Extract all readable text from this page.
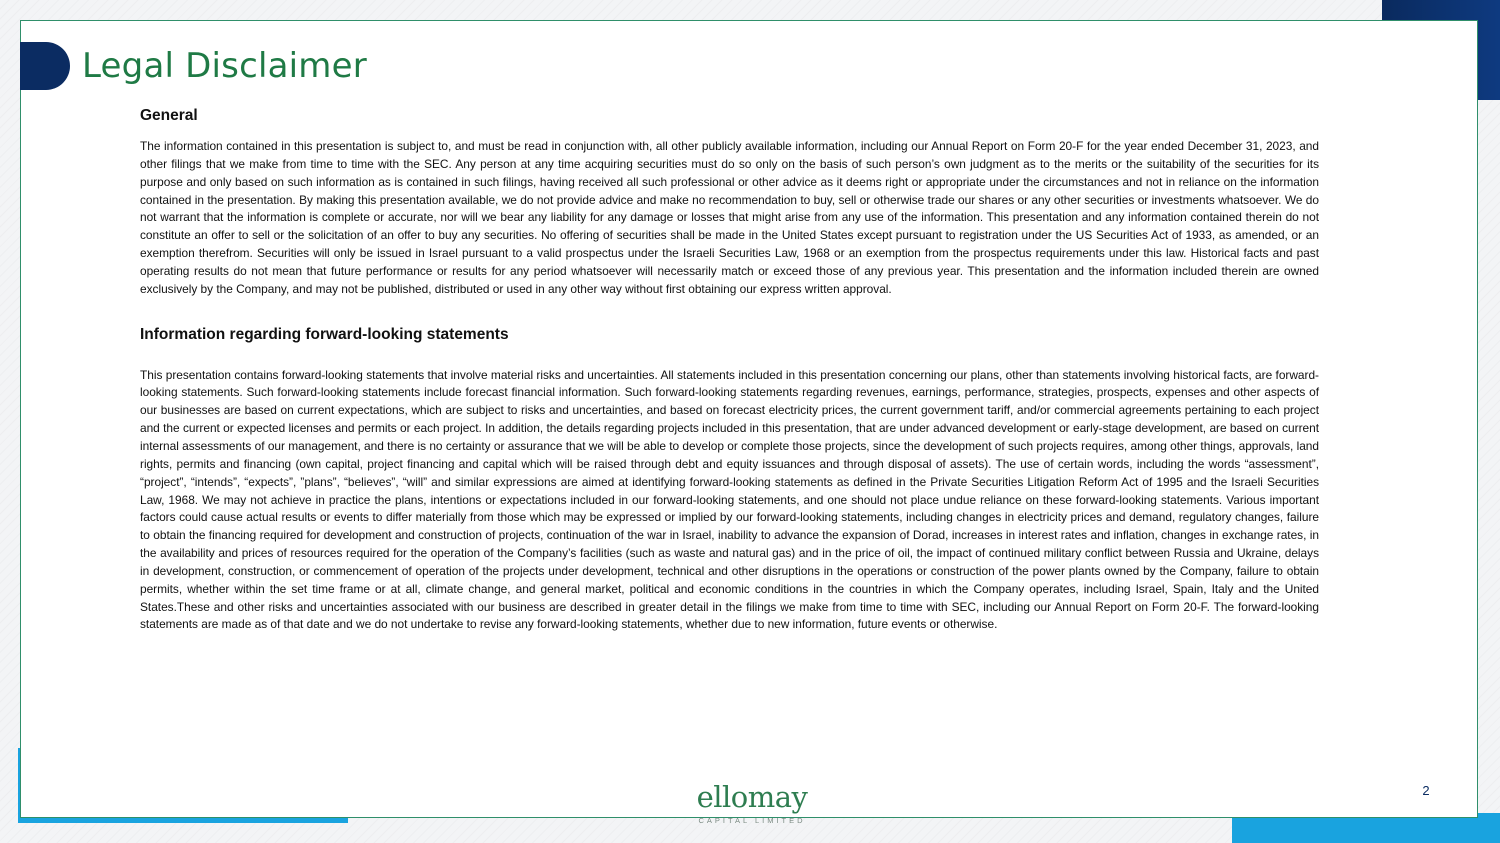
Legal Disclaimer
General

The information contained in this presentation is subject to, and must be read in conjunction with, all other publicly available information, including our Annual Report on Form 20-F for the year ended December 31, 2023, and other filings that we make from time to time with the SEC. Any person at any time acquiring securities must do so only on the basis of such person’s own judgment as to the merits or the suitability of the securities for its purpose and only based on such information as is contained in such filings, having received all such professional or other advice as it deems right or appropriate under the circumstances and not in reliance on the information contained in the presentation. By making this presentation available, we do not provide advice and make no recommendation to buy, sell or otherwise trade our shares or any other securities or investments whatsoever. We do not warrant that the information is complete or accurate, nor will we bear any liability for any damage or losses that might arise from any use of the information. This presentation and any information contained therein do not constitute an offer to sell or the solicitation of an offer to buy any securities. No offering of securities shall be made in the United States except pursuant to registration under the US Securities Act of 1933, as amended, or an exemption therefrom. Securities will only be issued in Israel pursuant to a valid prospectus under the Israeli Securities Law, 1968 or an exemption from the prospectus requirements under this law. Historical facts and past operating results do not mean that future performance or results for any period whatsoever will necessarily match or exceed those of any previous year. This presentation and the information included therein are owned exclusively by the Company, and may not be published, distributed or used in any other way without first obtaining our express written approval.

Information regarding forward-looking statements

This presentation contains forward-looking statements that involve material risks and uncertainties. All statements included in this presentation concerning our plans, other than statements involving historical facts, are forward-looking statements. Such forward-looking statements include forecast financial information. Such forward-looking statements regarding revenues, earnings, performance, strategies, prospects, expenses and other aspects of our businesses are based on current expectations, which are subject to risks and uncertainties, and based on forecast electricity prices, the current government tariff, and/or commercial agreements pertaining to each project and the current or expected licenses and permits or each project. In addition, the details regarding projects included in this presentation, that are under advanced development or early-stage development, are based on current internal assessments of our management, and there is no certainty or assurance that we will be able to develop or complete those projects, since the development of such projects requires, among other things, approvals, land rights, permits and financing (own capital, project financing and capital which will be raised through debt and equity issuances and through disposal of assets). The use of certain words, including the words “assessment”, “project”, “intends”, “expects”, ”plans”, “believes”, “will” and similar expressions are aimed at identifying forward-looking statements as defined in the Private Securities Litigation Reform Act of 1995 and the Israeli Securities Law, 1968. We may not achieve in practice the plans, intentions or expectations included in our forward-looking statements, and one should not place undue reliance on these forward-looking statements. Various important factors could cause actual results or events to differ materially from those which may be expressed or implied by our forward-looking statements, including changes in electricity prices and demand, regulatory changes, failure to obtain the financing required for development and construction of projects, continuation of the war in Israel, inability to advance the expansion of Dorad, increases in interest rates and inflation, changes in exchange rates, in the availability and prices of resources required for the operation of the Company’s facilities (such as waste and natural gas) and in the price of oil, the impact of continued military conflict between Russia and Ukraine, delays in development, construction, or commencement of operation of the projects under development, technical and other disruptions in the operations or construction of the power plants owned by the Company, failure to obtain permits, whether within the set time frame or at all, climate change, and general market, political and economic conditions in the countries in which the Company operates, including Israel, Spain, Italy and the United States.These and other risks and uncertainties associated with our business are described in greater detail in the filings we make from time to time with SEC, including our Annual Report on Form 20-F. The forward-looking statements are made as of that date and we do not undertake to revise any forward-looking statements, whether due to new information, future events or otherwise.

ellomay
CAPITAL LIMITED
2
